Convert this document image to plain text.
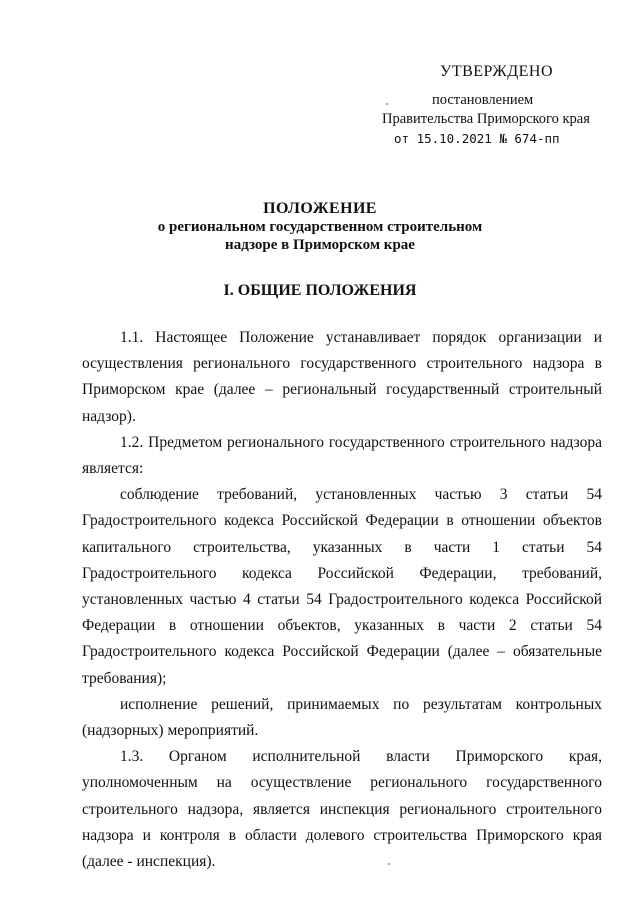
УТВЕРЖДЕНО
постановлением
Правительства Приморского края
от 15.10.2021 № 674-пп
ПОЛОЖЕНИЕ
о региональном государственном строительном
надзоре в Приморском крае
I. ОБЩИЕ ПОЛОЖЕНИЯ

1.1. Настоящее Положение устанавливает порядок организации и осуществления регионального государственного строительного надзора в Приморском крае (далее – региональный государственный строительный надзор).

1.2. Предметом регионального государственного строительного надзора является:

соблюдение требований, установленных частью 3 статьи 54 Градостроительного кодекса Российской Федерации в отношении объектов капитального строительства, указанных в части 1 статьи 54 Градостроительного кодекса Российской Федерации, требований, установленных частью 4 статьи 54 Градостроительного кодекса Российской Федерации в отношении объектов, указанных в части 2 статьи 54 Градостроительного кодекса Российской Федерации (далее – обязательные требования);

исполнение решений, принимаемых по результатам контрольных (надзорных) мероприятий.

1.3. Органом исполнительной власти Приморского края, уполномоченным на осуществление регионального государственного строительного надзора, является инспекция регионального строительного надзора и контроля в области долевого строительства Приморского края (далее - инспекция).
